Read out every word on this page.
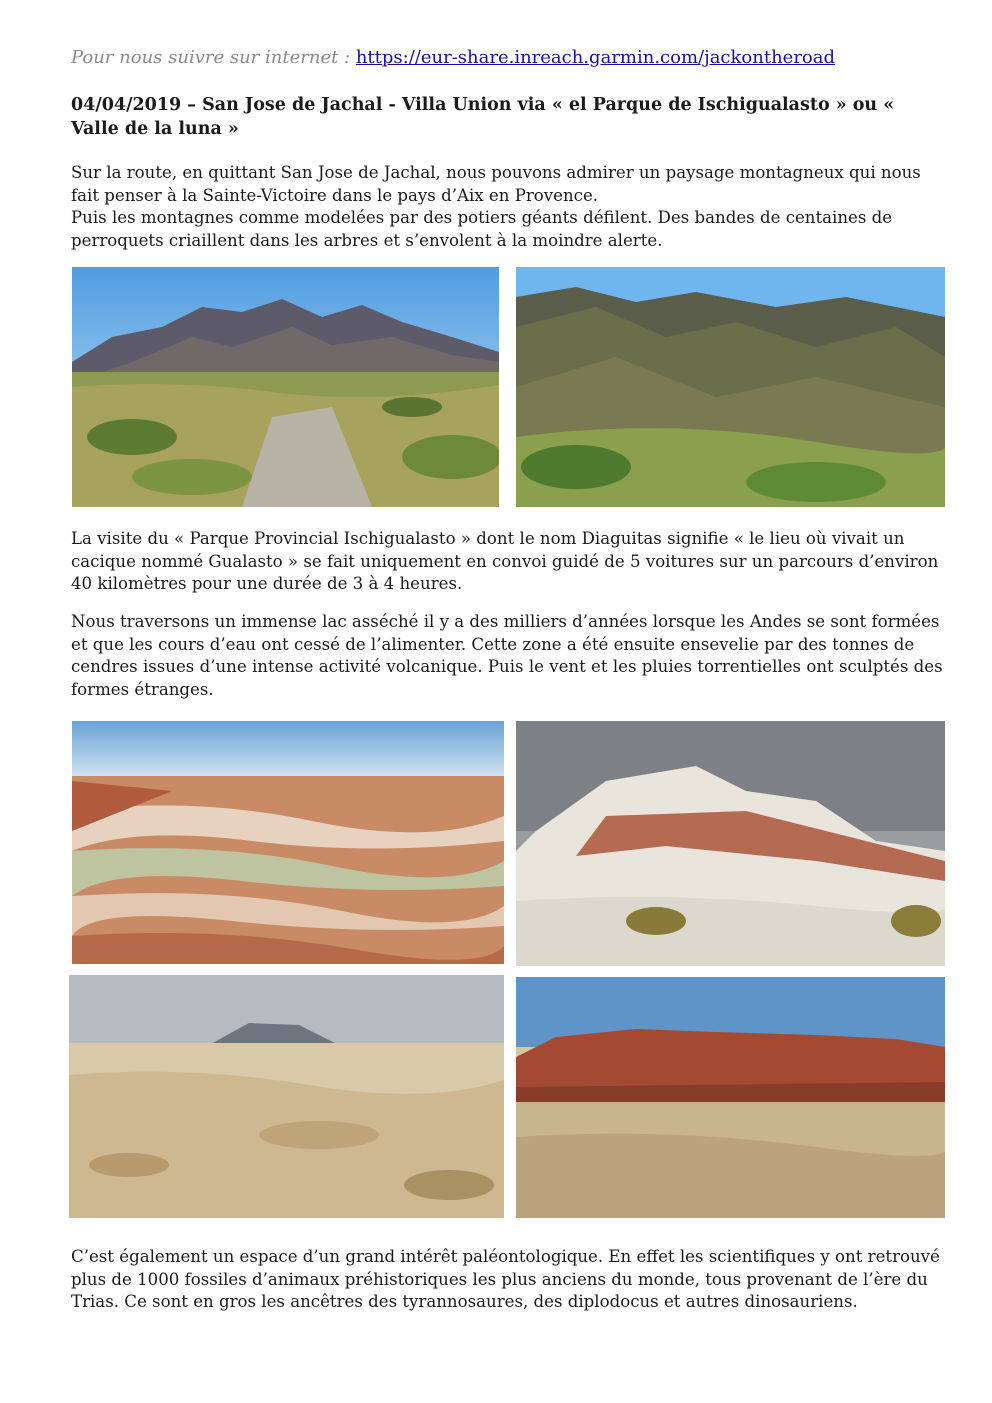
Pour nous suivre sur internet : https://eur-share.inreach.garmin.com/jackontheroad
04/04/2019 – San Jose de Jachal - Villa Union via « el Parque de Ischigualasto » ou « Valle de la luna »
Sur la route, en quittant San Jose de Jachal, nous pouvons admirer un paysage montagneux qui nous fait penser à la Sainte-Victoire dans le pays d’Aix en Provence.
Puis les montagnes comme modelées par des potiers géants défilent. Des bandes de centaines de perroquets criaillent dans les arbres et s’envolent à la moindre alerte.
La visite du « Parque Provincial Ischigualasto » dont le nom Diaguitas signifie « le lieu où vivait un cacique nommé Gualasto » se fait uniquement en convoi guidé de 5 voitures sur un parcours d’environ 40 kilomètres pour une durée de 3 à 4 heures.
Nous traversons un immense lac asséché il y a des milliers d’années lorsque les Andes se sont formées et que les cours d’eau ont cessé de l’alimenter. Cette zone a été ensuite ensevelie par des tonnes de cendres issues d’une intense activité volcanique. Puis le vent et les pluies torrentielles ont sculptés des formes étranges.
C’est également un espace d’un grand intérêt paléontologique. En effet les scientifiques y ont retrouvé plus de 1000 fossiles d’animaux préhistoriques les plus anciens du monde, tous provenant de l’ère du Trias. Ce sont en gros les ancêtres des tyrannosaures, des diplodocus et autres dinosauriens.
